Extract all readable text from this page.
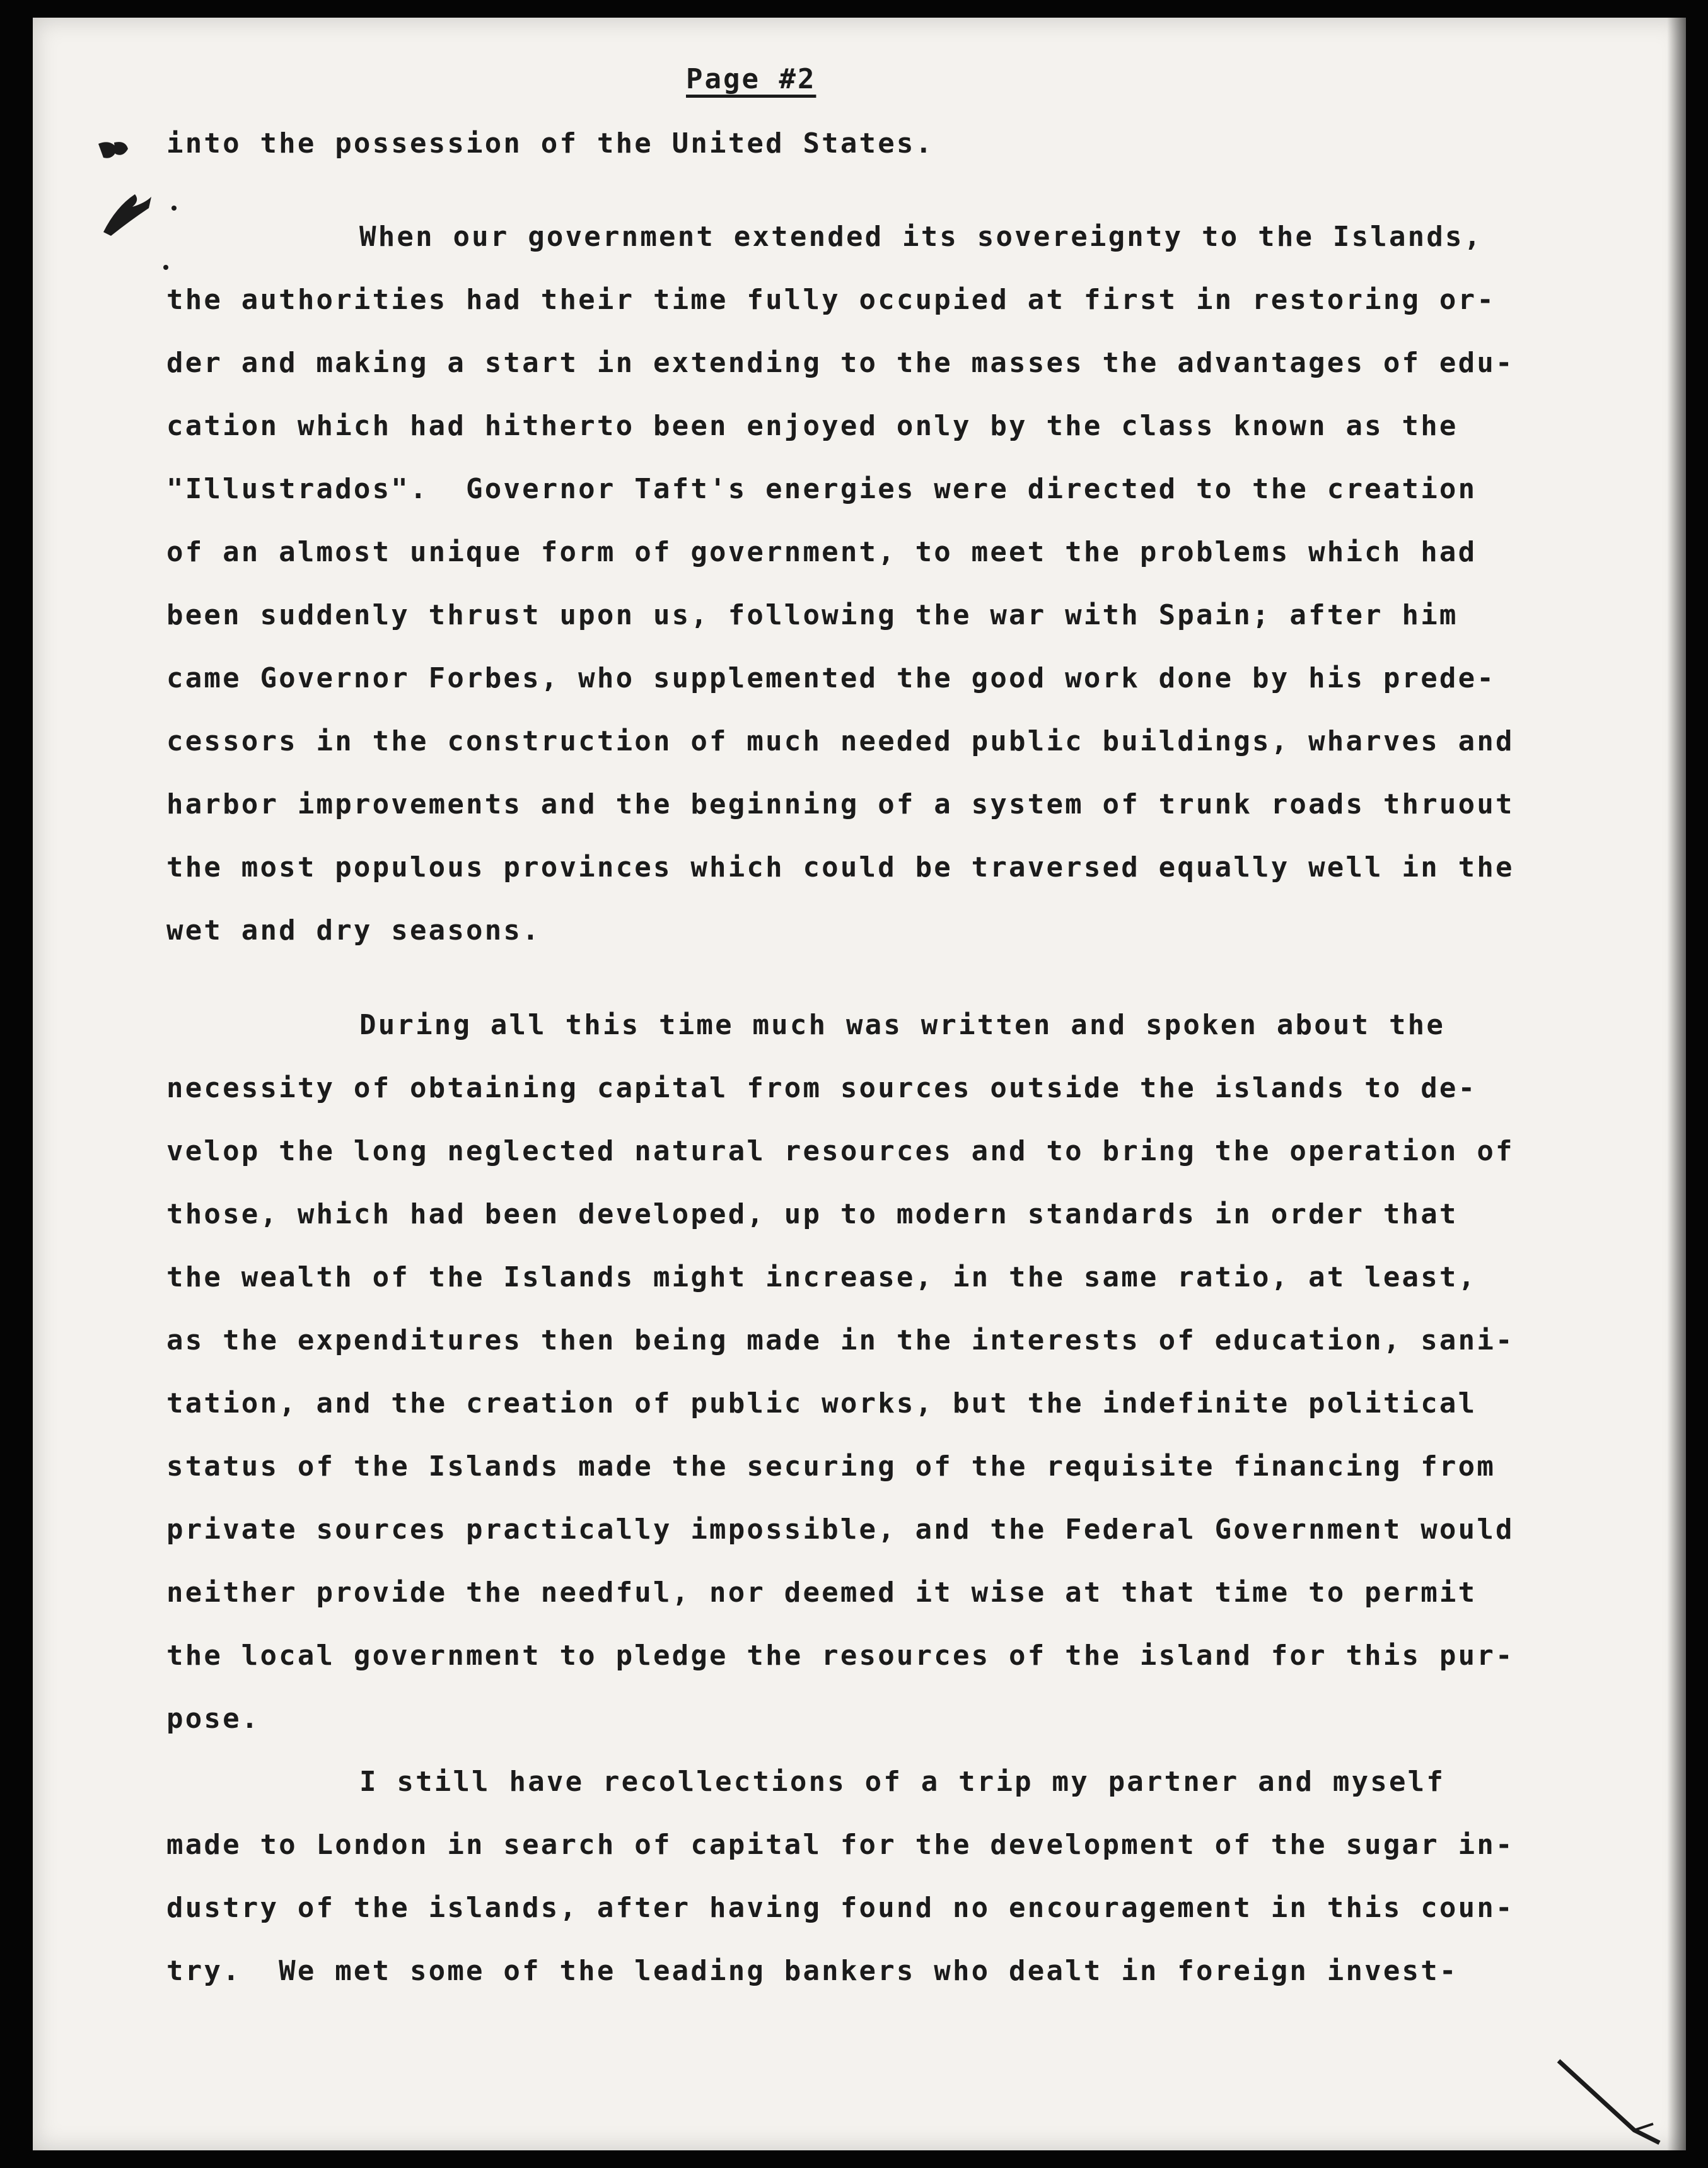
Page #2

into the possession of the United States.

When our government extended its sovereignty to the Islands,

the authorities had their time fully occupied at first in restoring or-

der and making a start in extending to the masses the advantages of edu-

cation which had hitherto been enjoyed only by the class known as the

"Illustrados".  Governor Taft's energies were directed to the creation

of an almost unique form of government, to meet the problems which had

been suddenly thrust upon us, following the war with Spain; after him

came Governor Forbes, who supplemented the good work done by his prede-

cessors in the construction of much needed public buildings, wharves and

harbor improvements and the beginning of a system of trunk roads thruout

the most populous provinces which could be traversed equally well in the

wet and dry seasons.

During all this time much was written and spoken about the

necessity of obtaining capital from sources outside the islands to de-

velop the long neglected natural resources and to bring the operation of

those, which had been developed, up to modern standards in order that

the wealth of the Islands might increase, in the same ratio, at least,

as the expenditures then being made in the interests of education, sani-

tation, and the creation of public works, but the indefinite political

status of the Islands made the securing of the requisite financing from

private sources practically impossible, and the Federal Government would

neither provide the needful, nor deemed it wise at that time to permit

the local government to pledge the resources of the island for this pur-

pose.

I still have recollections of a trip my partner and myself

made to London in search of capital for the development of the sugar in-

dustry of the islands, after having found no encouragement in this coun-

try.  We met some of the leading bankers who dealt in foreign invest-
